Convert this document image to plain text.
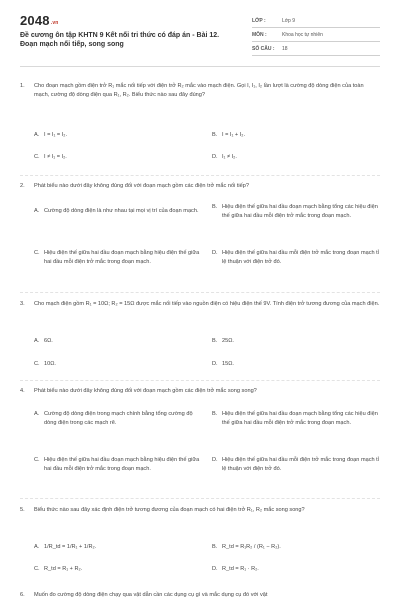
2048.vn
Đề cương ôn tập KHTN 9 Kết nối tri thức có đáp án - Bài 12. Đoạn mạch nối tiếp, song song
LỚP :	Lớp 9
MÔN :	Khoa học tự nhiên
SỐ CÂU :	18
1. Cho đoạn mạch gồm điện trở R₁ mắc nối tiếp với điện trở R₂ mắc vào mạch điện. Gọi I, I₁, I₂ lần lượt là cường độ dòng điện của toàn mạch, cường độ dòng điện qua R₁, R₂. Biểu thức nào sau đây đúng?
A. I = I₁ = I₂.	B. I = I₁ + I₂.
C. I ≠ I₁ = I₂.	D. I₁ ≠ I₂.
2. Phát biểu nào dưới đây không đúng đối với đoạn mạch gồm các điện trở mắc nối tiếp?
A. Cường độ dòng điện là như nhau tại mọi vị trí của đoạn mạch.
B. Hiệu điện thế giữa hai đầu đoạn mạch bằng tổng các hiệu điện thế giữa hai đầu mỗi điện trở mắc trong đoạn mạch.
C. Hiệu điện thế giữa hai đầu đoạn mạch bằng hiệu điện thế giữa hai đầu mỗi điện trở mắc trong đoạn mạch.
D. Hiệu điện thế giữa hai đầu mỗi điện trở mắc trong đoạn mạch tỉ lệ thuận với điện trở đó.
3. Cho mạch điện gồm R₁ = 10Ω; R₂ = 15Ω được mắc nối tiếp vào nguồn điện có hiệu điện thế 9V. Tính điện trở tương đương của mạch điện.
A. 6Ω.	B. 25Ω.
C. 10Ω.	D. 15Ω.
4. Phát biểu nào dưới đây không đúng đối với đoạn mạch gồm các điện trở mắc song song?
A. Cường độ dòng điện trong mạch chính bằng tổng cường độ dòng điện trong các mạch rẽ.
B. Hiệu điện thế giữa hai đầu đoạn mạch bằng tổng các hiệu điện thế giữa hai đầu mỗi điện trở mắc trong đoạn mạch.
C. Hiệu điện thế giữa hai đầu đoạn mạch bằng hiệu điện thế giữa hai đầu mỗi điện trở mắc trong đoạn mạch.
D. Hiệu điện thế giữa hai đầu mỗi điện trở mắc trong đoạn mạch tỉ lệ thuận với điện trở đó.
5. Biểu thức nào sau đây xác định điện trở tương đương của đoạn mạch có hai điện trở R₁, R₂ mắc song song?
A. 1/R_td = 1/R₁ + 1/R₂.	B. R_td = R₁R₂ / (R₁ − R₂).
C. R_td = R₁ + R₂.	D. R_td = R₁ · R₂.
6. Muốn đo cường độ dòng điện chạy qua vật dẫn cần các dụng cụ gì và mắc dụng cụ đó với vật
